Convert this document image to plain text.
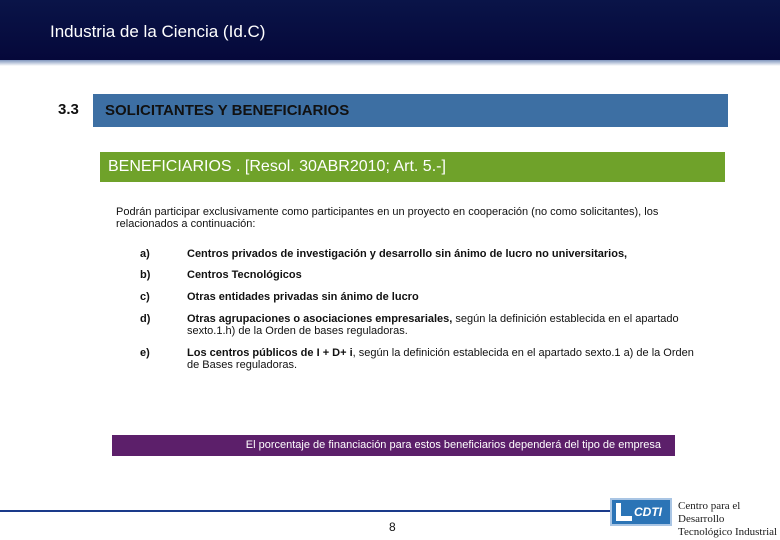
Industria de la Ciencia (Id.C)
3.3 SOLICITANTES Y BENEFICIARIOS
BENEFICIARIOS . [Resol. 30ABR2010; Art. 5.-]
Podrán participar exclusivamente como participantes en un proyecto en cooperación (no como solicitantes), los relacionados a continuación:
a)	Centros privados de investigación y desarrollo sin ánimo de lucro no universitarios,
b)	Centros Tecnológicos
c)	Otras entidades privadas sin ánimo de lucro
d)	Otras agrupaciones o asociaciones empresariales, según la definición establecida en el apartado sexto.1.h) de la Orden de bases reguladoras.
e)	Los centros públicos de I + D+ i, según la definición establecida en el apartado sexto.1 a) de la Orden de Bases reguladoras.
El porcentaje de financiación para estos beneficiarios dependerá del tipo de empresa
8
CDTI Centro para el Desarrollo Tecnológico Industrial
